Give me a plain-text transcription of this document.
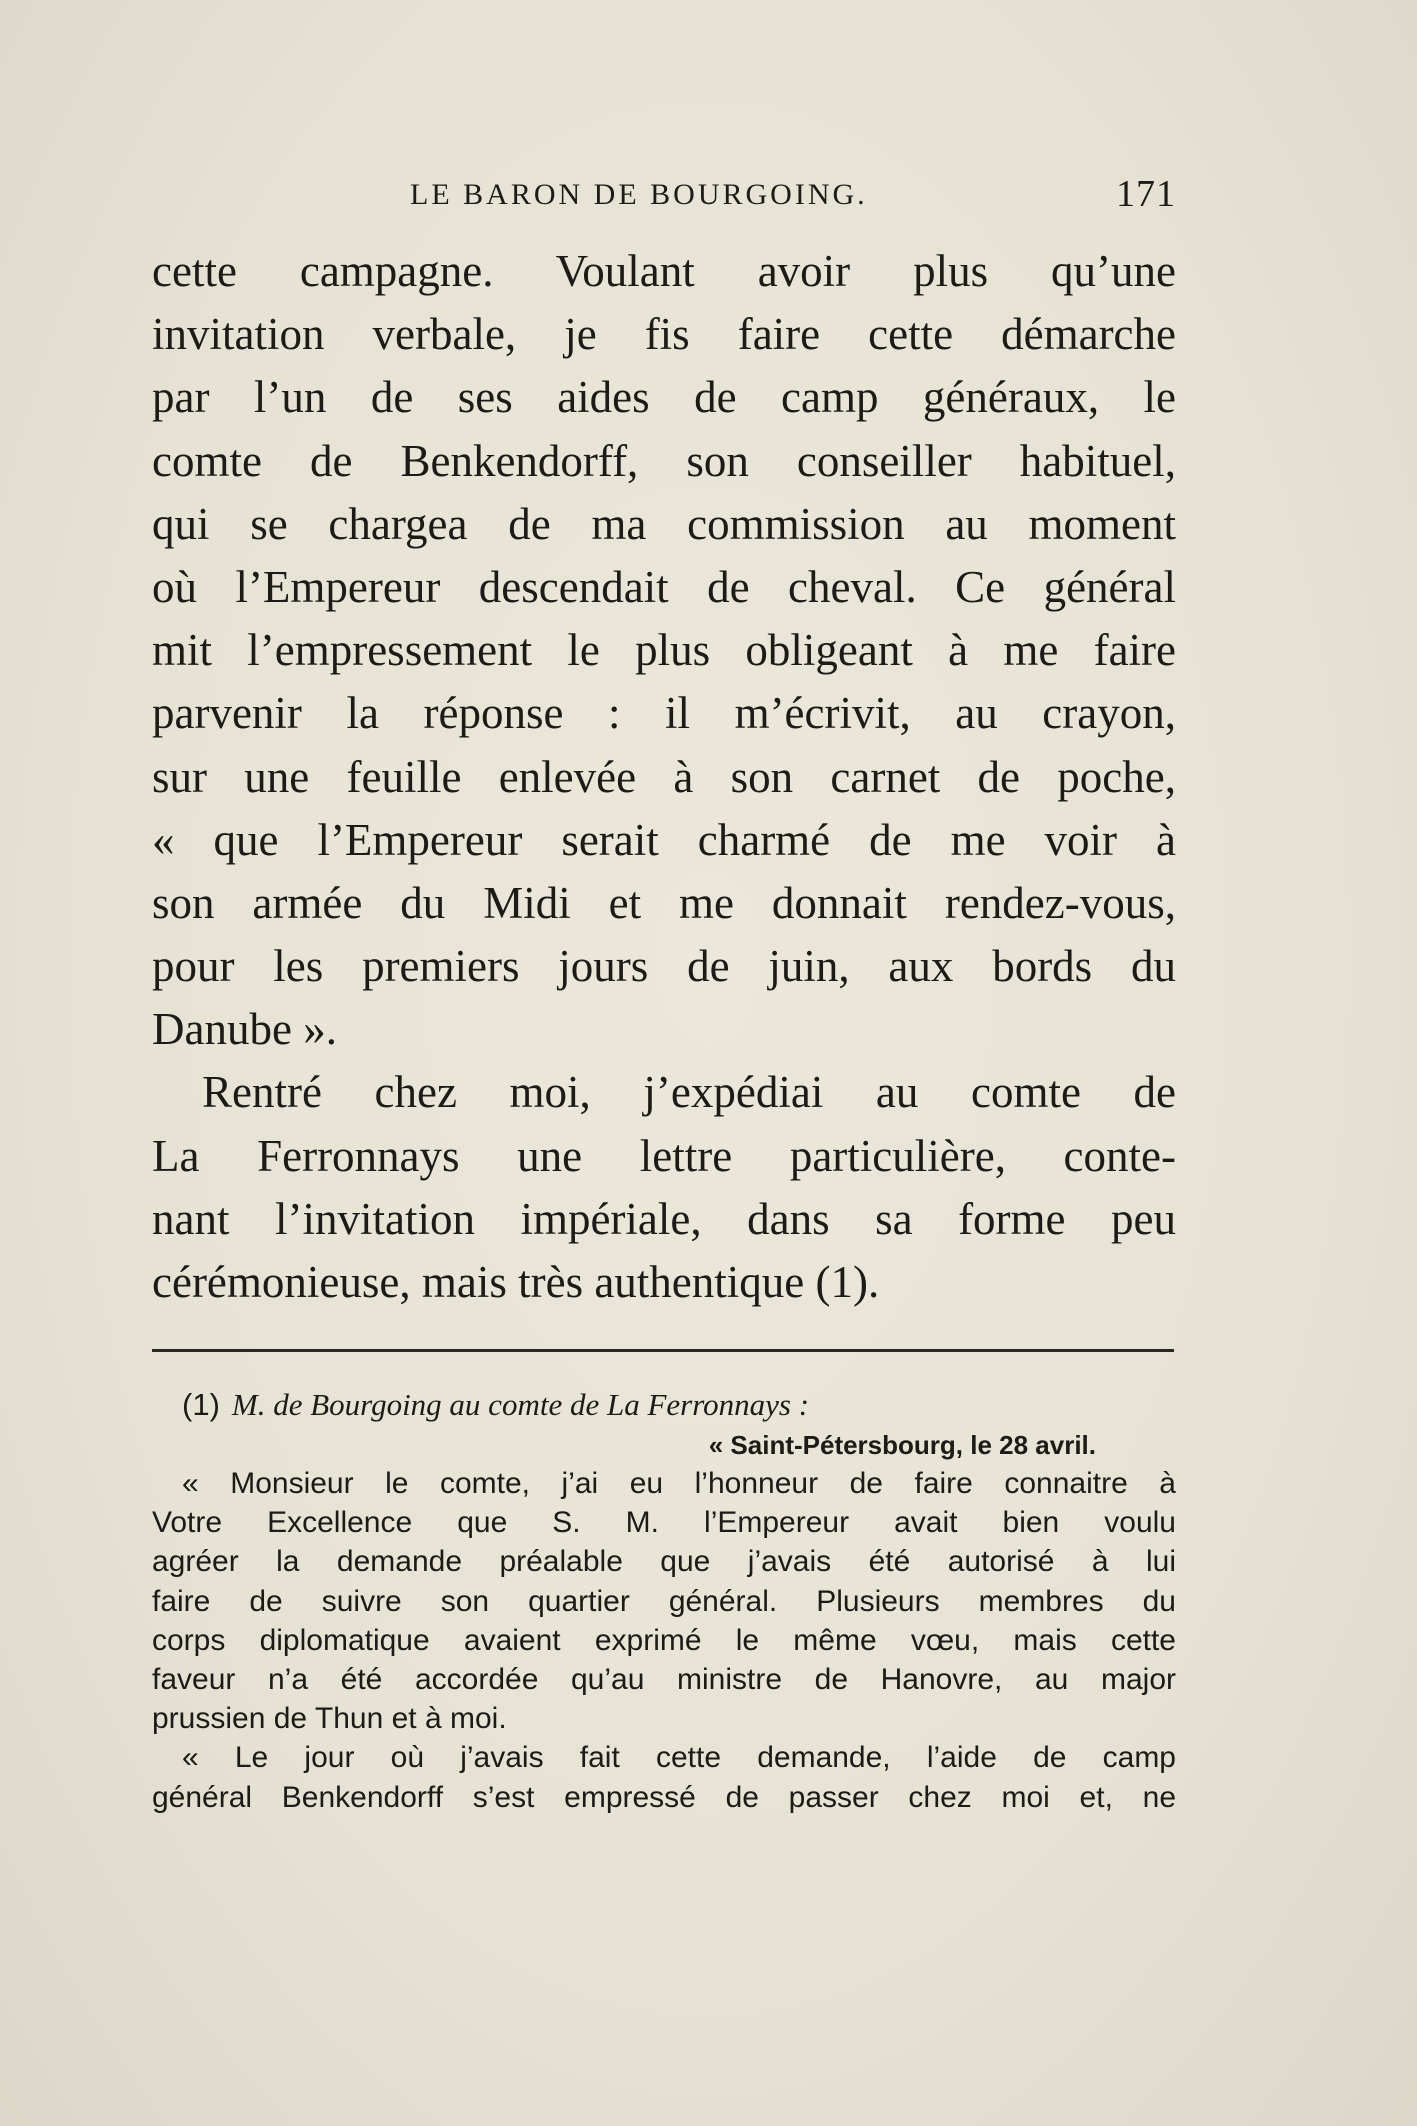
LE BARON DE BOURGOING.	171
cette campagne. Voulant avoir plus qu’une
invitation verbale, je fis faire cette démarche
par l’un de ses aides de camp généraux, le
comte de Benkendorff, son conseiller habituel,
qui se chargea de ma commission au moment
où l’Empereur descendait de cheval. Ce général
mit l’empressement le plus obligeant à me faire
parvenir la réponse : il m’écrivit, au crayon,
sur une feuille enlevée à son carnet de poche,
« que l’Empereur serait charmé de me voir à
son armée du Midi et me donnait rendez-vous,
pour les premiers jours de juin, aux bords du
Danube ».
Rentré chez moi, j’expédiai au comte de
La Ferronnays une lettre particulière, conte-
nant l’invitation impériale, dans sa forme peu
cérémonieuse, mais très authentique (1).
(1) M. de Bourgoing au comte de La Ferronnays :
« Saint-Pétersbourg, le 28 avril.
« Monsieur le comte, j’ai eu l’honneur de faire connaitre à
Votre Excellence que S. M. l’Empereur avait bien voulu
agréer la demande préalable que j’avais été autorisé à lui
faire de suivre son quartier général. Plusieurs membres du
corps diplomatique avaient exprimé le même vœu, mais cette
faveur n’a été accordée qu’au ministre de Hanovre, au major
prussien de Thun et à moi.
« Le jour où j’avais fait cette demande, l’aide de camp
général Benkendorff s’est empressé de passer chez moi et, ne
